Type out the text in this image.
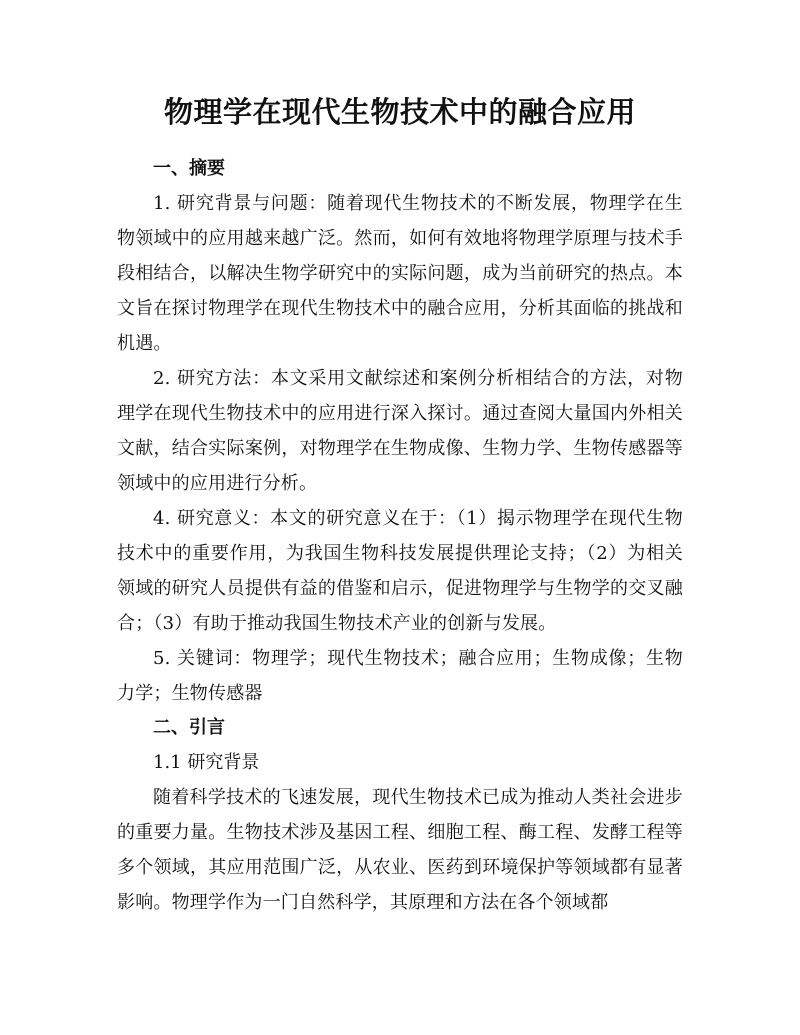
物理学在现代生物技术中的融合应用
一、摘要

1. 研究背景与问题：随着现代生物技术的不断发展，物理学在生物领域中的应用越来越广泛。然而，如何有效地将物理学原理与技术手段相结合，以解决生物学研究中的实际问题，成为当前研究的热点。本文旨在探讨物理学在现代生物技术中的融合应用，分析其面临的挑战和机遇。

2. 研究方法：本文采用文献综述和案例分析相结合的方法，对物理学在现代生物技术中的应用进行深入探讨。通过查阅大量国内外相关文献，结合实际案例，对物理学在生物成像、生物力学、生物传感器等领域中的应用进行分析。

4. 研究意义：本文的研究意义在于：（1）揭示物理学在现代生物技术中的重要作用，为我国生物科技发展提供理论支持；（2）为相关领域的研究人员提供有益的借鉴和启示，促进物理学与生物学的交叉融合；（3）有助于推动我国生物技术产业的创新与发展。

5. 关键词：物理学；现代生物技术；融合应用；生物成像；生物力学；生物传感器

二、引言
1.1 研究背景

随着科学技术的飞速发展，现代生物技术已成为推动人类社会进步的重要力量。生物技术涉及基因工程、细胞工程、酶工程、发酵工程等多个领域，其应用范围广泛，从农业、医药到环境保护等领域都有显著影响。物理学作为一门自然科学，其原理和方法在各个领域都
